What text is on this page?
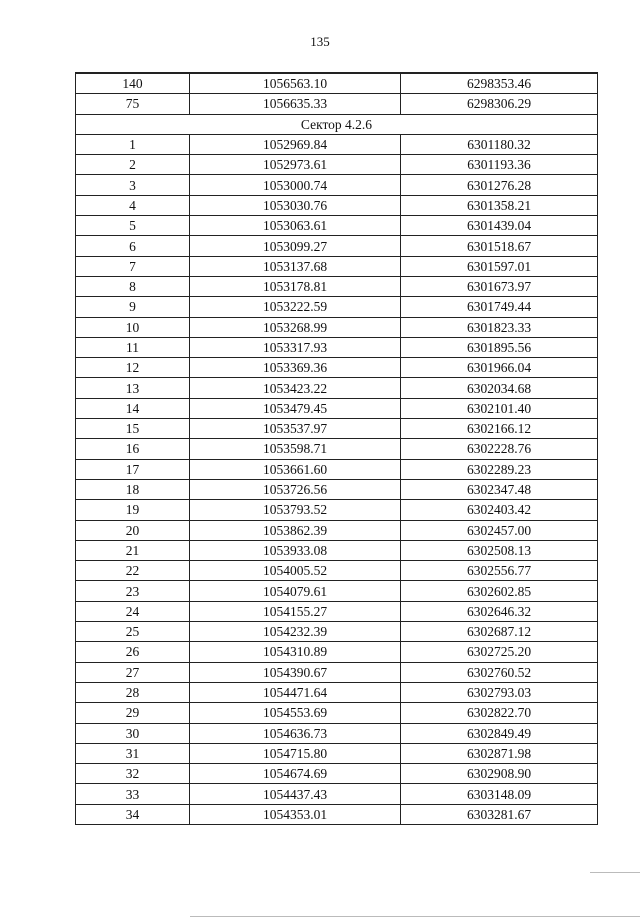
135
140	1056563.10	6298353.46
75	1056635.33	6298306.29
Сектор 4.2.6		
1	1052969.84	6301180.32
2	1052973.61	6301193.36
3	1053000.74	6301276.28
4	1053030.76	6301358.21
5	1053063.61	6301439.04
6	1053099.27	6301518.67
7	1053137.68	6301597.01
8	1053178.81	6301673.97
9	1053222.59	6301749.44
10	1053268.99	6301823.33
11	1053317.93	6301895.56
12	1053369.36	6301966.04
13	1053423.22	6302034.68
14	1053479.45	6302101.40
15	1053537.97	6302166.12
16	1053598.71	6302228.76
17	1053661.60	6302289.23
18	1053726.56	6302347.48
19	1053793.52	6302403.42
20	1053862.39	6302457.00
21	1053933.08	6302508.13
22	1054005.52	6302556.77
23	1054079.61	6302602.85
24	1054155.27	6302646.32
25	1054232.39	6302687.12
26	1054310.89	6302725.20
27	1054390.67	6302760.52
28	1054471.64	6302793.03
29	1054553.69	6302822.70
30	1054636.73	6302849.49
31	1054715.80	6302871.98
32	1054674.69	6302908.90
33	1054437.43	6303148.09
34	1054353.01	6303281.67
